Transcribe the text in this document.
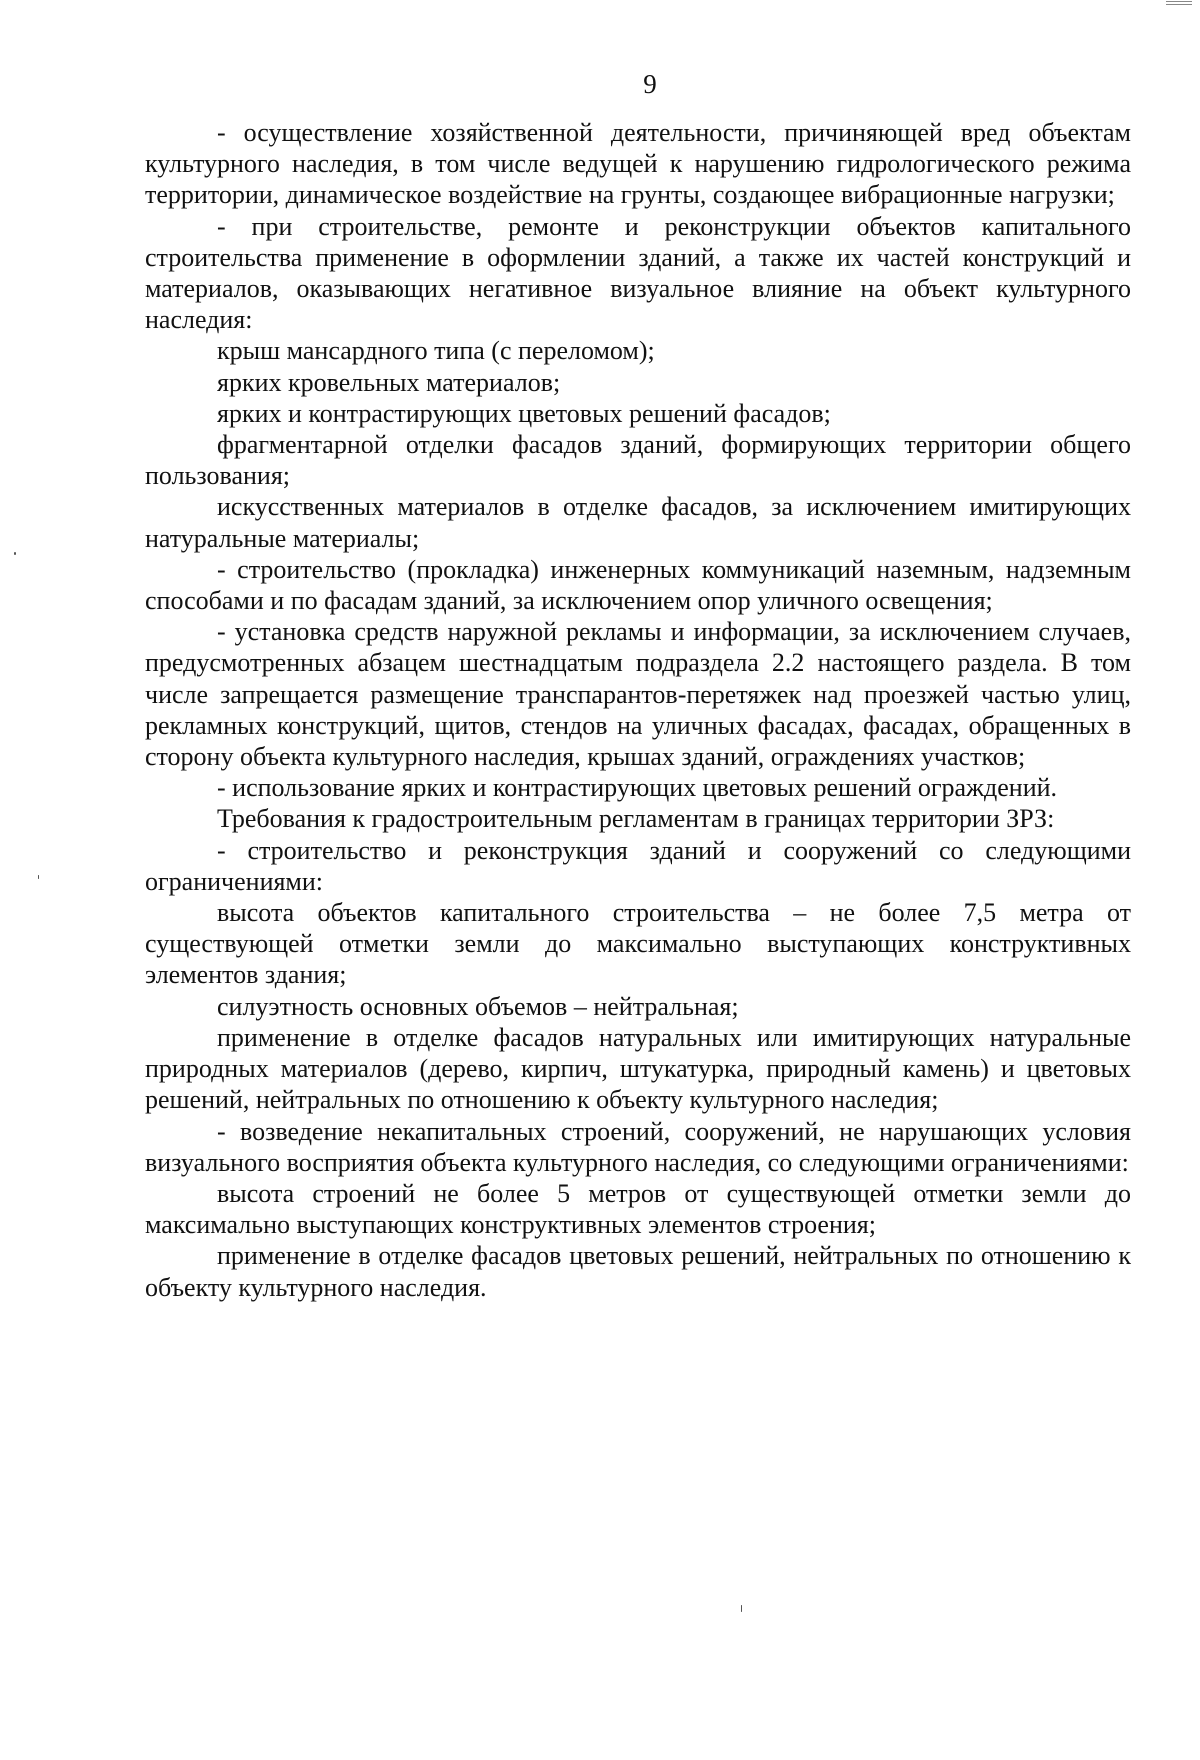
9

- осуществление хозяйственной деятельности, причиняющей вред объектам культурного наследия, в том числе ведущей к нарушению гидрологического режима территории, динамическое воздействие на грунты, создающее вибрационные нагрузки;

- при строительстве, ремонте и реконструкции объектов капитального строительства применение в оформлении зданий, а также их частей конструкций и материалов, оказывающих негативное визуальное влияние на объект культурного наследия:

крыш мансардного типа (с переломом);

ярких кровельных материалов;

ярких и контрастирующих цветовых решений фасадов;

фрагментарной отделки фасадов зданий, формирующих территории общего пользования;

искусственных материалов в отделке фасадов, за исключением имитирующих натуральные материалы;

- строительство (прокладка) инженерных коммуникаций наземным, надземным способами и по фасадам зданий, за исключением опор уличного освещения;

- установка средств наружной рекламы и информации, за исключением случаев, предусмотренных абзацем шестнадцатым подраздела 2.2 настоящего раздела. В том числе запрещается размещение транспарантов-перетяжек над проезжей частью улиц, рекламных конструкций, щитов, стендов на уличных фасадах, фасадах, обращенных в сторону объекта культурного наследия, крышах зданий, ограждениях участков;

- использование ярких и контрастирующих цветовых решений ограждений.

Требования к градостроительным регламентам в границах территории ЗРЗ:

- строительство и реконструкция зданий и сооружений со следующими ограничениями:

высота объектов капитального строительства – не более 7,5 метра от существующей отметки земли до максимально выступающих конструктивных элементов здания;

силуэтность основных объемов – нейтральная;

применение в отделке фасадов натуральных или имитирующих натуральные природных материалов (дерево, кирпич, штукатурка, природный камень) и цветовых решений, нейтральных по отношению к объекту культурного наследия;

- возведение некапитальных строений, сооружений, не нарушающих условия визуального восприятия объекта культурного наследия, со следующими ограничениями:

высота строений не более 5 метров от существующей отметки земли до максимально выступающих конструктивных элементов строения;

применение в отделке фасадов цветовых решений, нейтральных по отношению к объекту культурного наследия.
